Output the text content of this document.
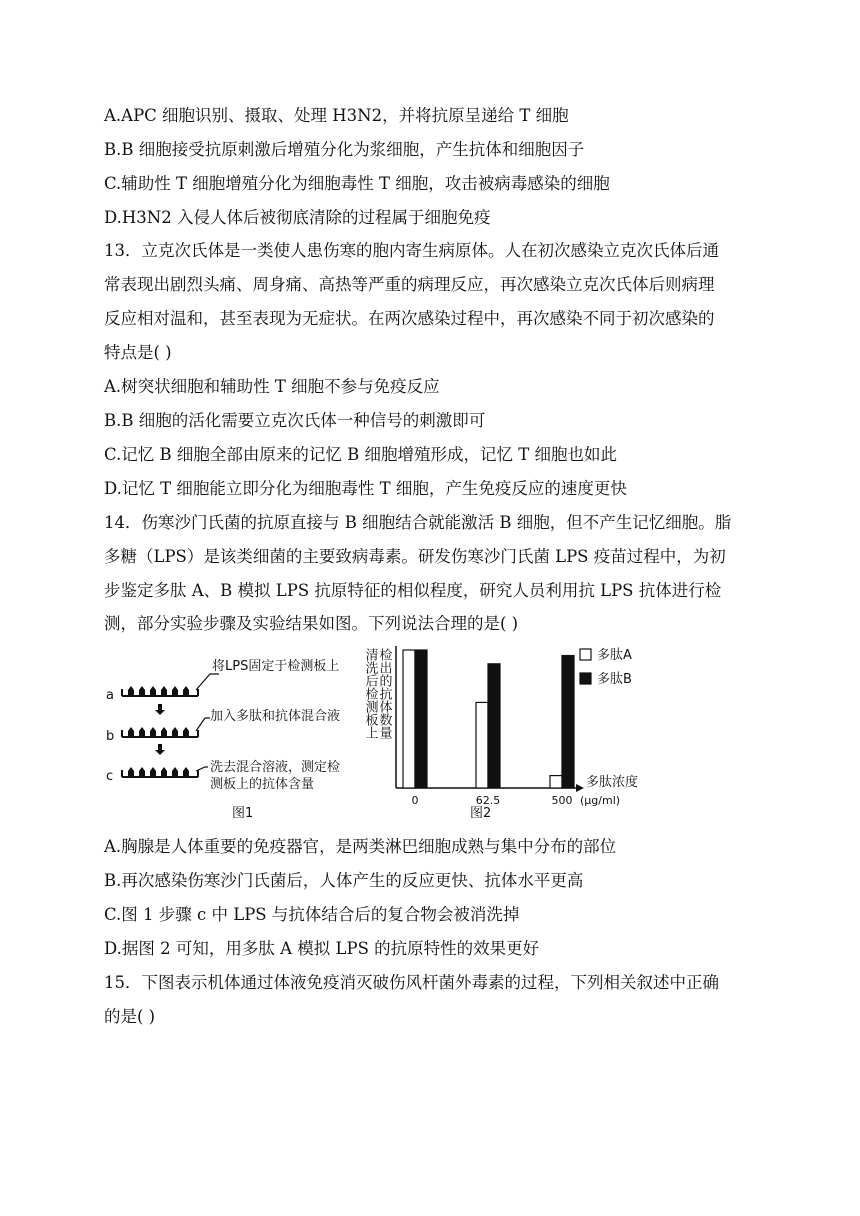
A.APC 细胞识别、摄取、处理 H3N2，并将抗原呈递给 T 细胞
B.B 细胞接受抗原刺激后增殖分化为浆细胞，产生抗体和细胞因子
C.辅助性 T 细胞增殖分化为细胞毒性 T 细胞，攻击被病毒感染的细胞
D.H3N2 入侵人体后被彻底清除的过程属于细胞免疫
13．立克次氏体是一类使人患伤寒的胞内寄生病原体。人在初次感染立克次氏体后通
常表现出剧烈头痛、周身痛、高热等严重的病理反应，再次感染立克次氏体后则病理
反应相对温和，甚至表现为无症状。在两次感染过程中，再次感染不同于初次感染的
特点是( )
A.树突状细胞和辅助性 T 细胞不参与免疫反应
B.B 细胞的活化需要立克次氏体一种信号的刺激即可
C.记忆 B 细胞全部由原来的记忆 B 细胞增殖形成，记忆 T 细胞也如此
D.记忆 T 细胞能立即分化为细胞毒性 T 细胞，产生免疫反应的速度更快
14．伤寒沙门氏菌的抗原直接与 B 细胞结合就能激活 B 细胞，但不产生记忆细胞。脂
多糖（LPS）是该类细菌的主要致病毒素。研发伤寒沙门氏菌 LPS 疫苗过程中，为初
步鉴定多肽 A、B 模拟 LPS 抗原特征的相似程度，研究人员利用抗 LPS 抗体进行检
测，部分实验步骤及实验结果如图。下列说法合理的是( )
a
将LPS固定于检测板上
b
加入多肽和抗体混合液
c
洗去混合溶液，测定检
测板上的抗体含量
图1
清洗后检测板上 检出的抗体数量
0	62.5	500
多肽浓度
(μg/ml)
多肽A
多肽B
图2
A.胸腺是人体重要的免疫器官，是两类淋巴细胞成熟与集中分布的部位
B.再次感染伤寒沙门氏菌后，人体产生的反应更快、抗体水平更高
C.图 1 步骤 c 中 LPS 与抗体结合后的复合物会被消洗掉
D.据图 2 可知，用多肽 A 模拟 LPS 的抗原特性的效果更好
15．下图表示机体通过体液免疫消灭破伤风杆菌外毒素的过程，下列相关叙述中正确
的是( )
